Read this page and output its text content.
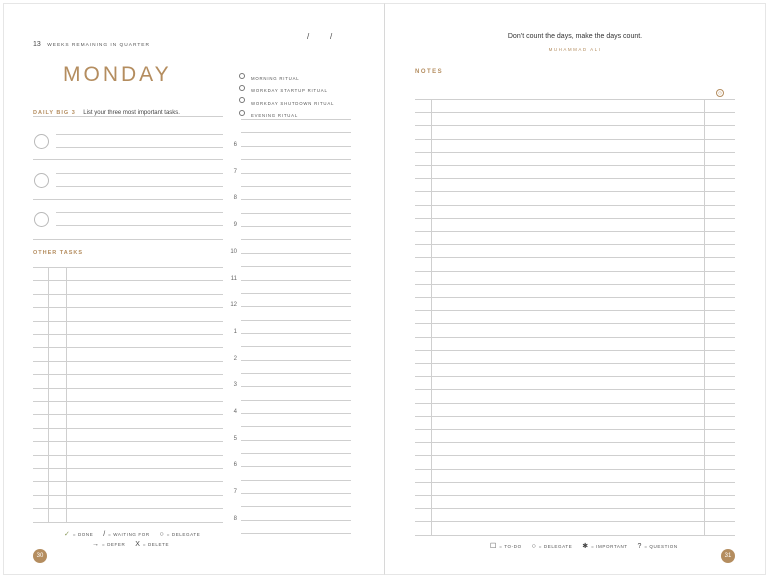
13 WEEKS REMAINING IN QUARTER
/	/
MONDAY
DAILY BIG 3 List your three most important tasks.
OTHER TASKS
MORNING RITUAL
WORKDAY STARTUP RITUAL
WORKDAY SHUTDOWN RITUAL
EVENING RITUAL
6
7
8
9
10
11
12
1
2
3
4
5
6
7
8
✓ = DONE / = WAITING FOR ○ = DELEGATE
→ = DEFER X = DELETE
30
Don’t count the days, make the days count.
MUHAMMAD ALI
NOTES
◷
☐ = TO-DO ○ = DELEGATE ✱ = IMPORTANT ? = QUESTION
31
